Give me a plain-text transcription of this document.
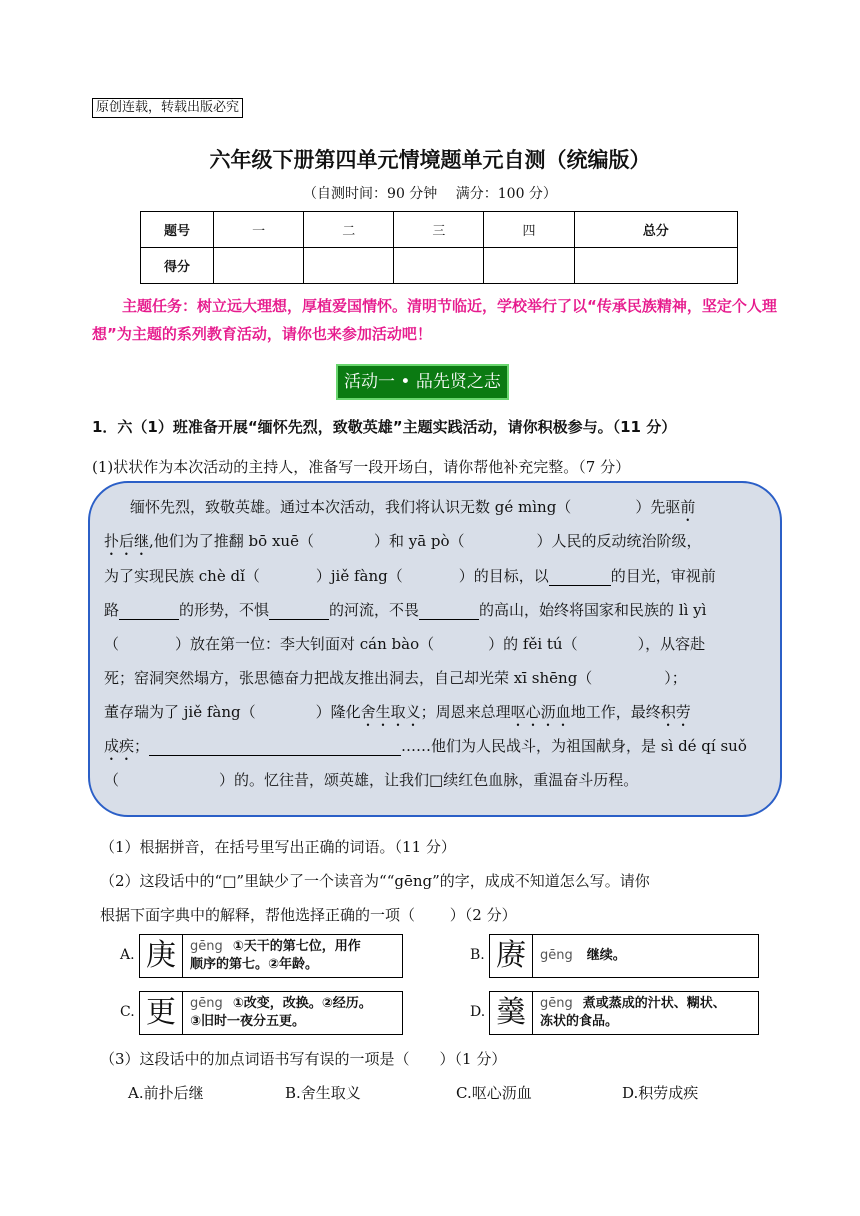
原创连载，转载出版必究
六年级下册第四单元情境题单元自测（统编版）
（自测时间：90 分钟　 满分：100 分）
题号	一	二	三	四	总分
得分					
主题任务：树立远大理想，厚植爱国情怀。清明节临近，学校举行了以“传承民族精神，坚定个人理想”为主题的系列教育活动，请你也来参加活动吧！
活动一 • 品先贤之志
1．六（1）班准备开展“缅怀先烈，致敬英雄”主题实践活动，请你积极参与。（11 分）
(1)状状作为本次活动的主持人，准备写一段开场白，请你帮他补充完整。（7 分）
缅怀先烈，致敬英雄。通过本次活动，我们将认识无数 gé mìng（	）先驱前
扑后继,他们为了推翻 bō xuē（	）和 yā pò（	）人民的反动统治阶级，
为了实现民族 chè dǐ（	）jiě fàng（	）的目标，以	的目光，审视前
路	的形势，不惧	的河流，不畏	的高山，始终将国家和民族的 lì yì
（	）放在第一位：李大钊面对 cán bào（	）的 fěi tú（	），从容赴
死；窑洞突然塌方，张思德奋力把战友推出洞去，自己却光荣 xī shēng（	）；
董存瑞为了 jiě fàng（	）隆化舍生取义；周恩来总理呕心沥血地工作，最终积劳
成疾；	……他们为人民战斗，为祖国献身，是 sì dé qí suǒ
（	）的。忆往昔，颂英雄，让我们□续红色血脉，重温奋斗历程。
（1）根据拼音，在括号里写出正确的词语。（11 分）
（2）这段话中的“□”里缺少了一个读音为““gēng”的字，成成不知道怎么写。请你
根据下面字典中的解释，帮他选择正确的一项（　　 ）（2 分）
A. 庚	gēng ①天干的第七位，用作
顺序的第七。②年龄。
B. 赓	gēng 继续。
C. 更	gēng ①改变，改换。②经历。
③旧时一夜分五更。
D. 羹	gēng 煮或蒸成的汁状、糊状、
冻状的食品。
（3）这段话中的加点词语书写有误的一项是（　　）（1 分）
A.前扑后继	B.舍生取义	C.呕心沥血	D.积劳成疾
